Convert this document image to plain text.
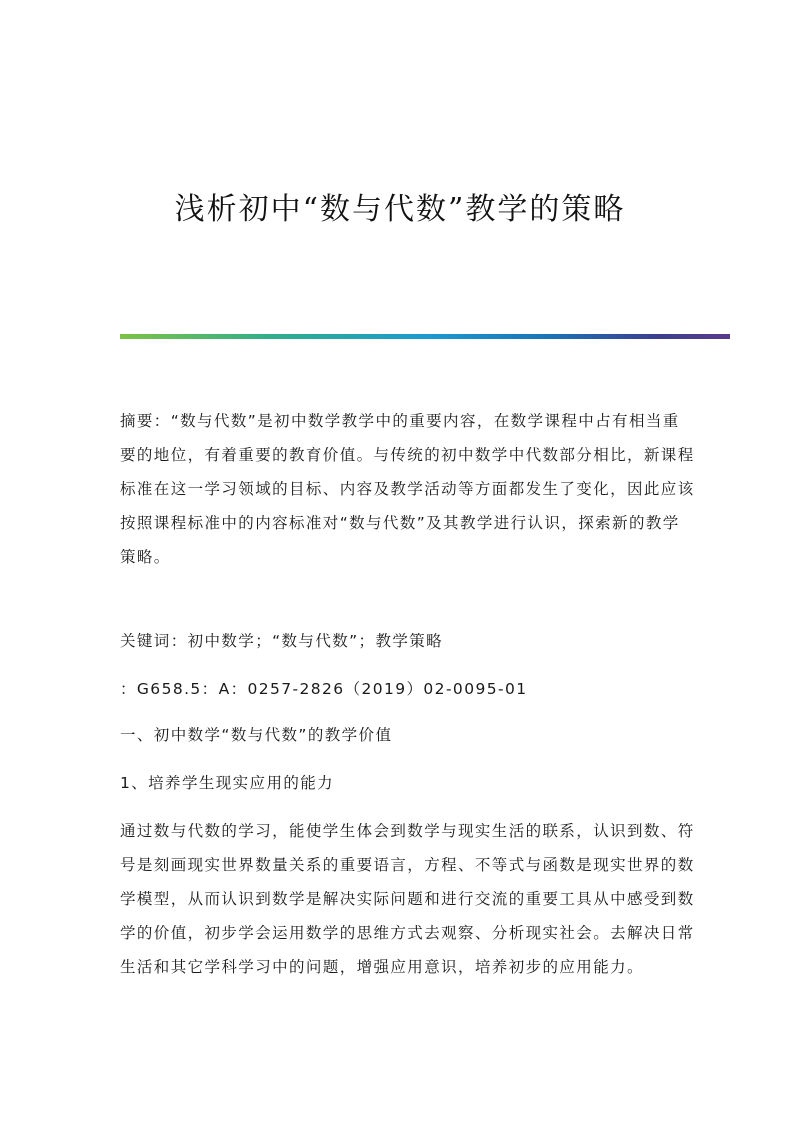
浅析初中“数与代数”教学的策略

摘要：“数与代数”是初中数学教学中的重要内容，在数学课程中占有相当重
要的地位，有着重要的教育价值。与传统的初中数学中代数部分相比，新课程
标准在这一学习领域的目标、内容及教学活动等方面都发生了变化，因此应该
按照课程标准中的内容标准对“数与代数”及其教学进行认识，探索新的教学
策略。

关键词：初中数学；“数与代数”；教学策略

：G658.5：A：0257-2826（2019）02-0095-01

一、初中数学“数与代数”的教学价值

1、培养学生现实应用的能力

通过数与代数的学习，能使学生体会到数学与现实生活的联系，认识到数、符
号是刻画现实世界数量关系的重要语言，方程、不等式与函数是现实世界的数
学模型，从而认识到数学是解决实际问题和进行交流的重要工具从中感受到数
学的价值，初步学会运用数学的思维方式去观察、分析现实社会。去解决日常
生活和其它学科学习中的问题，增强应用意识，培养初步的应用能力。
